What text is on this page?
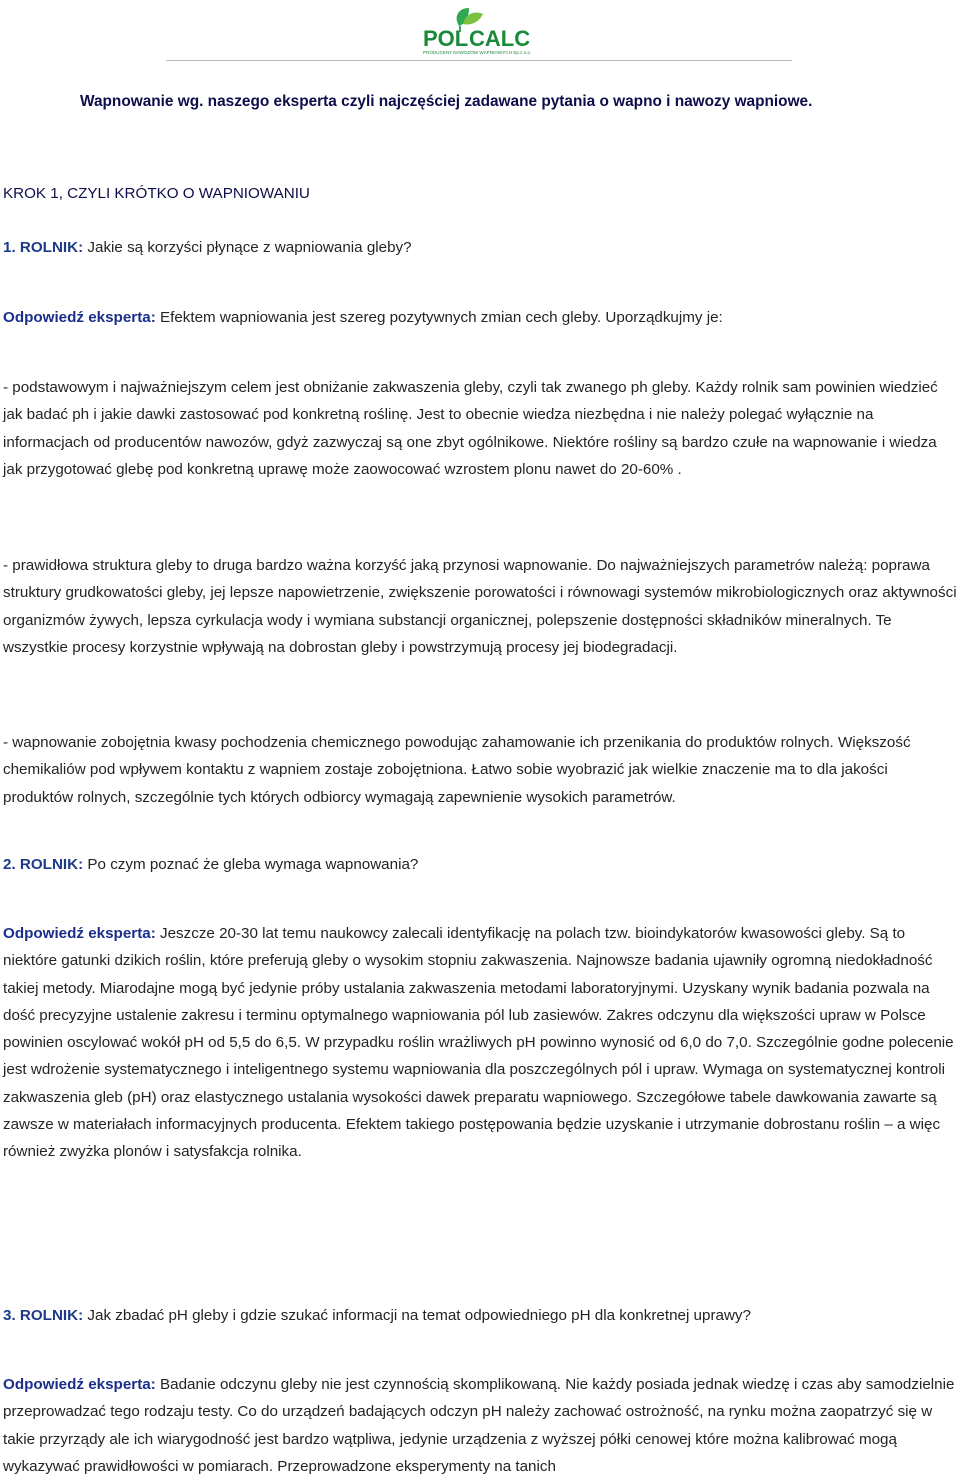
POL CALC
PRODUCENT NAWOZÓW WAPNIOWYCH Sp.z o.o.

Wapnowanie wg. naszego eksperta czyli najczęściej zadawane pytania o wapno i nawozy wapniowe.

KROK 1, CZYLI KRÓTKO O WAPNIOWANIU

1. ROLNIK: Jakie są korzyści płynące z wapniowania gleby?

Odpowiedź eksperta: Efektem wapniowania jest szereg pozytywnych zmian cech gleby. Uporządkujmy je:

- podstawowym i najważniejszym celem jest obniżanie zakwaszenia gleby, czyli tak zwanego ph gleby. Każdy rolnik sam powinien wiedzieć jak badać ph i jakie dawki zastosować pod konkretną roślinę. Jest to obecnie wiedza niezbędna i nie należy polegać wyłącznie na informacjach od producentów nawozów, gdyż zazwyczaj są one zbyt ogólnikowe. Niektóre rośliny są bardzo czułe na wapnowanie i wiedza jak przygotować glebę pod konkretną uprawę może zaowocować wzrostem plonu nawet do 20-60% .

- prawidłowa struktura gleby to druga bardzo ważna korzyść jaką przynosi wapnowanie. Do najważniejszych parametrów należą: poprawa struktury grudkowatości gleby, jej lepsze napowietrzenie, zwiększenie porowatości i równowagi systemów mikrobiologicznych oraz aktywności organizmów żywych, lepsza cyrkulacja wody i wymiana substancji organicznej, polepszenie dostępności składników mineralnych. Te wszystkie procesy korzystnie wpływają na dobrostan gleby i powstrzymują procesy jej biodegradacji.

- wapnowanie zobojętnia kwasy pochodzenia chemicznego powodując zahamowanie ich przenikania do produktów rolnych. Większość chemikaliów pod wpływem kontaktu z wapniem zostaje zobojętniona. Łatwo sobie wyobrazić jak wielkie znaczenie ma to dla jakości produktów rolnych, szczególnie tych których odbiorcy wymagają zapewnienie wysokich parametrów.

2. ROLNIK: Po czym poznać że gleba wymaga wapnowania?

Odpowiedź eksperta: Jeszcze 20-30 lat temu naukowcy zalecali identyfikację na polach tzw. bioindykatorów kwasowości gleby. Są to niektóre gatunki dzikich roślin, które preferują gleby o wysokim stopniu zakwaszenia. Najnowsze badania ujawniły ogromną niedokładność takiej metody. Miarodajne mogą być jedynie próby ustalania zakwaszenia metodami laboratoryjnymi. Uzyskany wynik badania pozwala na dość precyzyjne ustalenie zakresu i terminu optymalnego wapniowania pól lub zasiewów. Zakres odczynu dla większości upraw w Polsce powinien oscylować wokół pH od 5,5 do 6,5. W przypadku roślin wrażliwych pH powinno wynosić od 6,0 do 7,0. Szczególnie godne polecenie jest wdrożenie systematycznego i inteligentnego systemu wapniowania dla poszczególnych pól i upraw. Wymaga on systematycznej kontroli zakwaszenia gleb (pH) oraz elastycznego ustalania wysokości dawek preparatu wapniowego. Szczegółowe tabele dawkowania zawarte są zawsze w materiałach informacyjnych producenta. Efektem takiego postępowania będzie uzyskanie i utrzymanie dobrostanu roślin – a więc również zwyżka plonów i satysfakcja rolnika.

3. ROLNIK: Jak zbadać pH gleby i gdzie szukać informacji na temat odpowiedniego pH dla konkretnej uprawy?

Odpowiedź eksperta: Badanie odczynu gleby nie jest czynnością skomplikowaną. Nie każdy posiada jednak wiedzę i czas aby samodzielnie przeprowadzać tego rodzaju testy. Co do urządzeń badających odczyn pH należy zachować ostrożność, na rynku można zaopatrzyć się w takie przyrządy ale ich wiarygodność jest bardzo wątpliwa, jedynie urządzenia z wyższej półki cenowej które można kalibrować mogą wykazywać prawidłowości w pomiarach. Przeprowadzone eksperymenty na tanich
